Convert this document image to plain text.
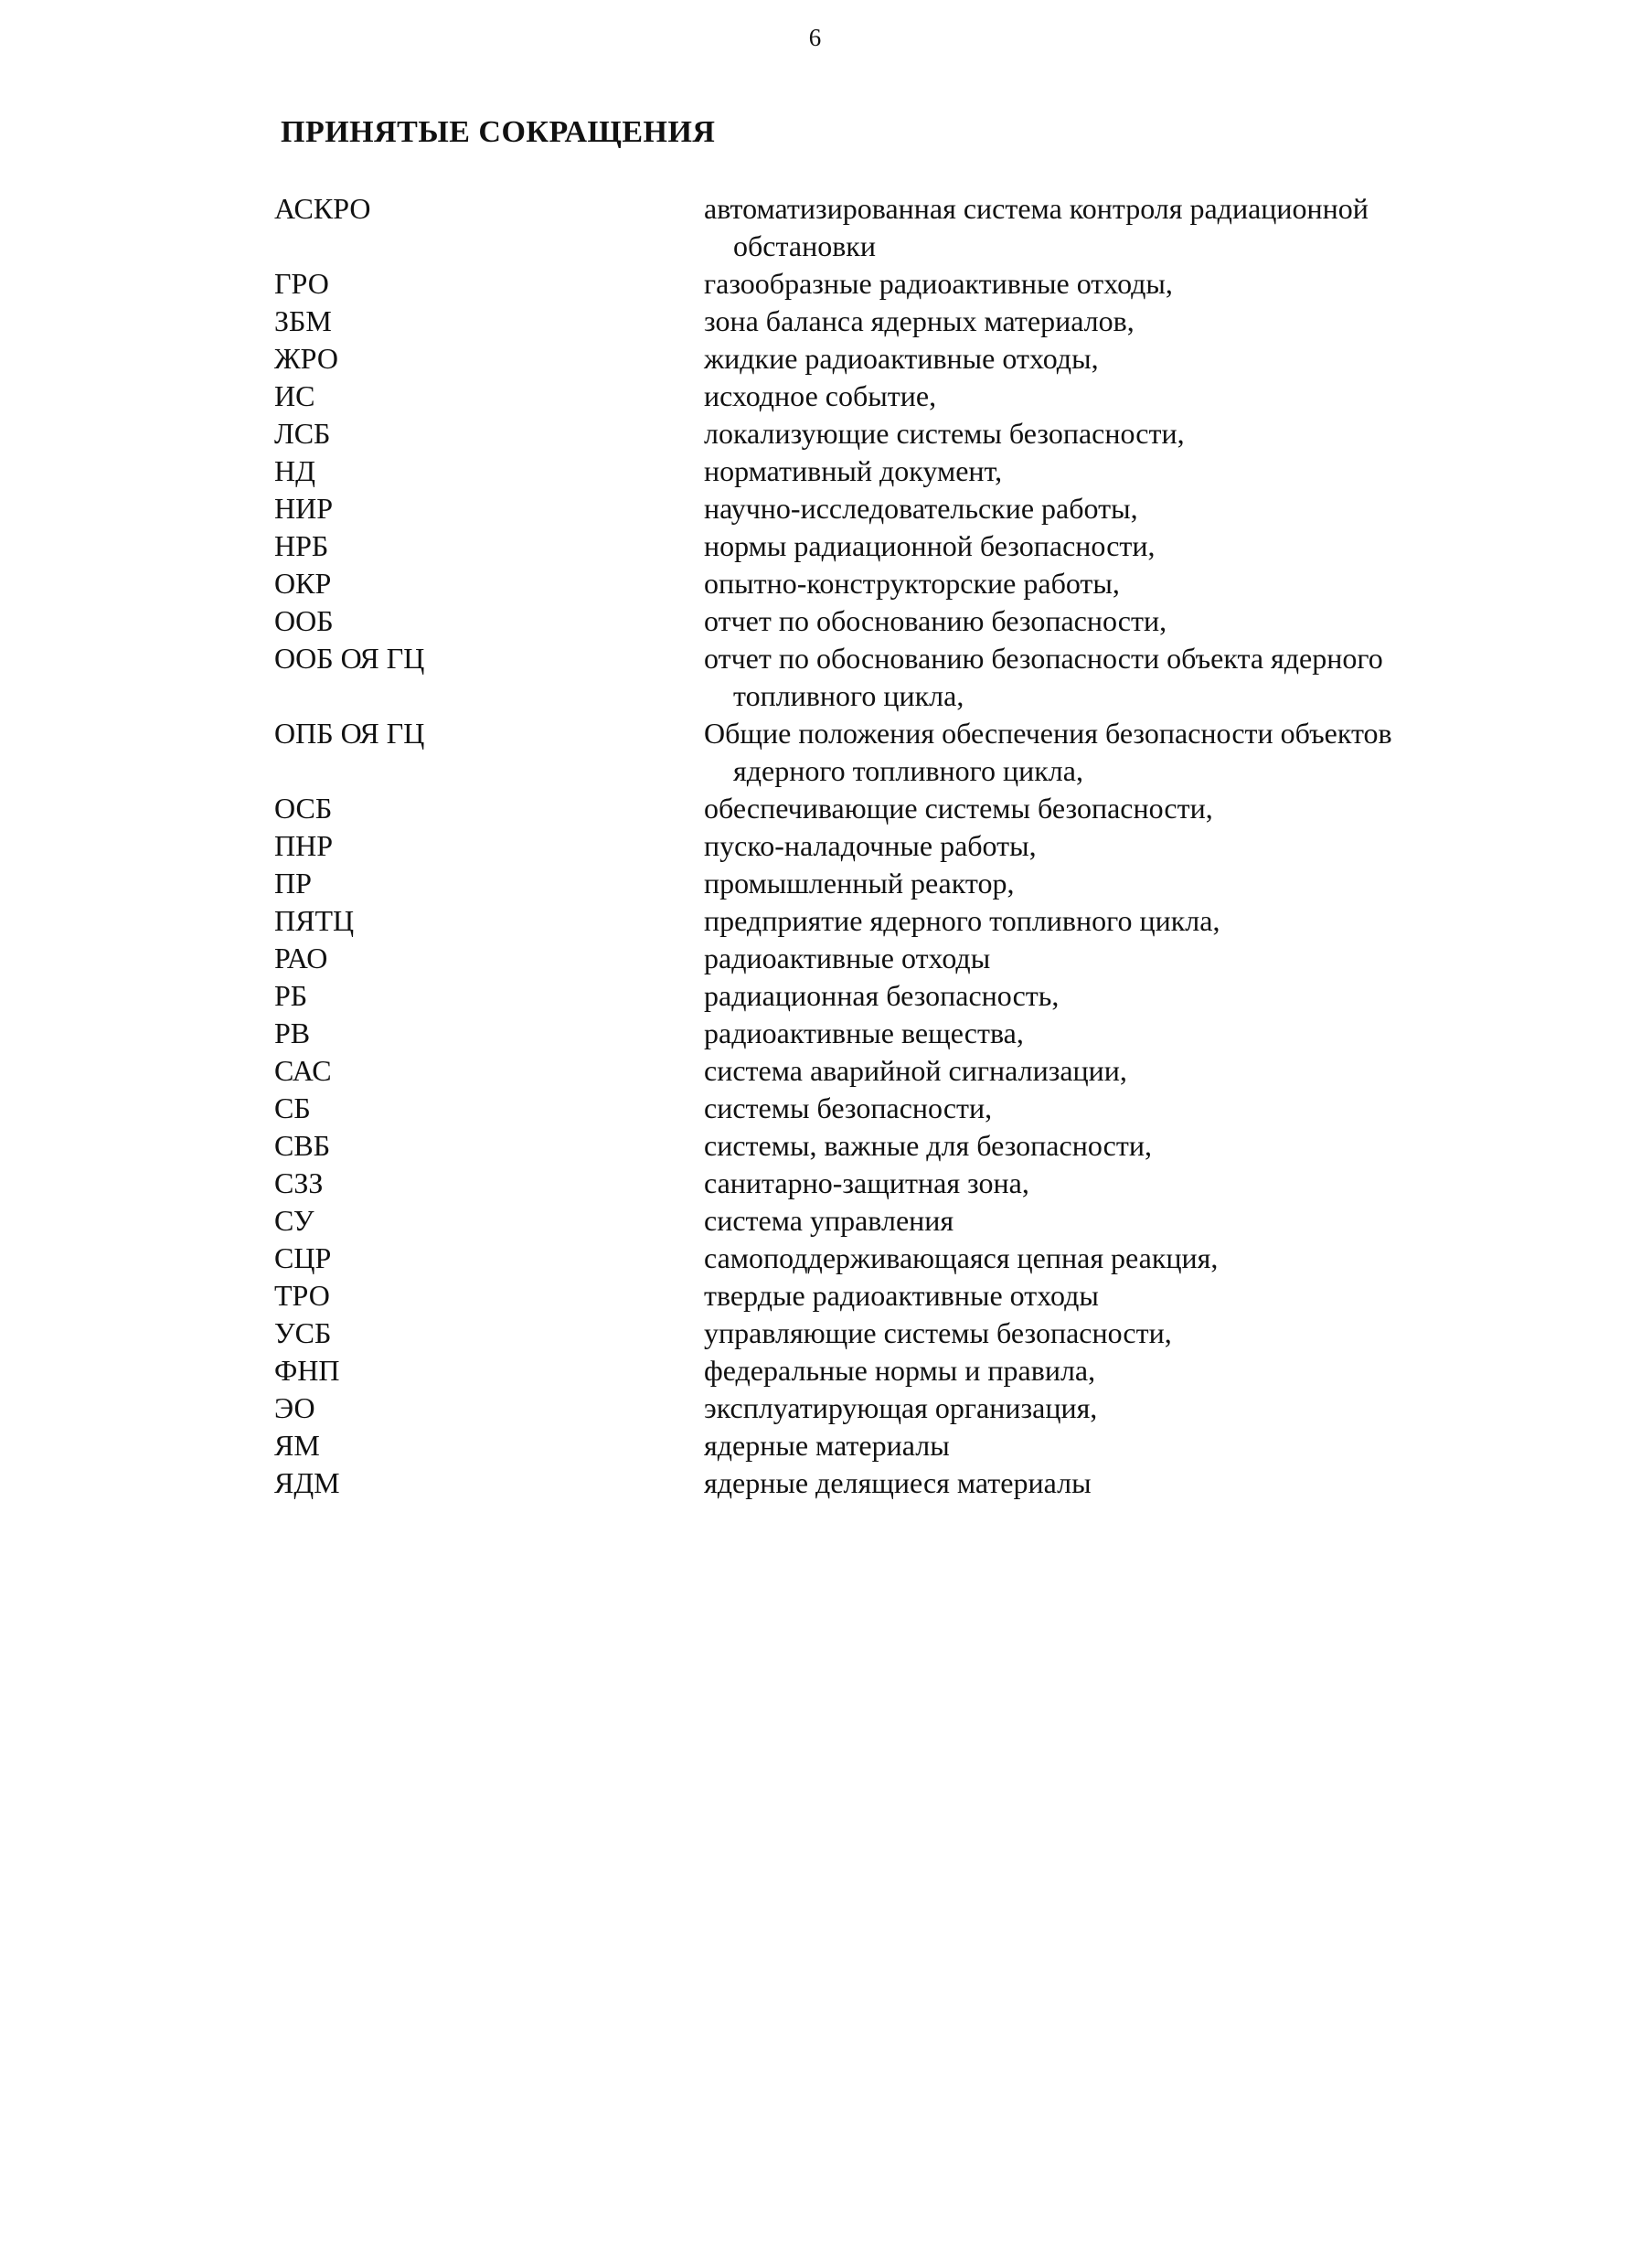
6
ПРИНЯТЫЕ СОКРАЩЕНИЯ
АСКРО	автоматизированная система контроля радиационной
обстановки
ГРО	газообразные радиоактивные отходы,
ЗБМ	зона баланса ядерных материалов,
ЖРО	жидкие радиоактивные отходы,
ИС	исходное событие,
ЛСБ	локализующие системы безопасности,
НД	нормативный документ,
НИР	научно-исследовательские работы,
НРБ	нормы радиационной безопасности,
ОКР	опытно-конструкторские работы,
ООБ	отчет по обоснованию безопасности,
ООБ ОЯ ГЦ	отчет по обоснованию безопасности объекта ядерного
топливного цикла,
ОПБ ОЯ ГЦ	Общие положения обеспечения безопасности объектов
ядерного топливного цикла,
ОСБ	обеспечивающие системы безопасности,
ПНР	пуско-наладочные работы,
ПР	промышленный реактор,
ПЯТЦ	предприятие ядерного топливного цикла,
РАО	радиоактивные отходы
РБ	радиационная безопасность,
РВ	радиоактивные вещества,
САС	система аварийной сигнализации,
СБ	системы безопасности,
СВБ	системы, важные для безопасности,
СЗЗ	санитарно-защитная зона,
СУ	система управления
СЦР	самоподдерживающаяся цепная реакция,
ТРО	твердые радиоактивные отходы
УСБ	управляющие системы безопасности,
ФНП	федеральные нормы и правила,
ЭО	эксплуатирующая организация,
ЯМ	ядерные материалы
ЯДМ	ядерные делящиеся материалы
